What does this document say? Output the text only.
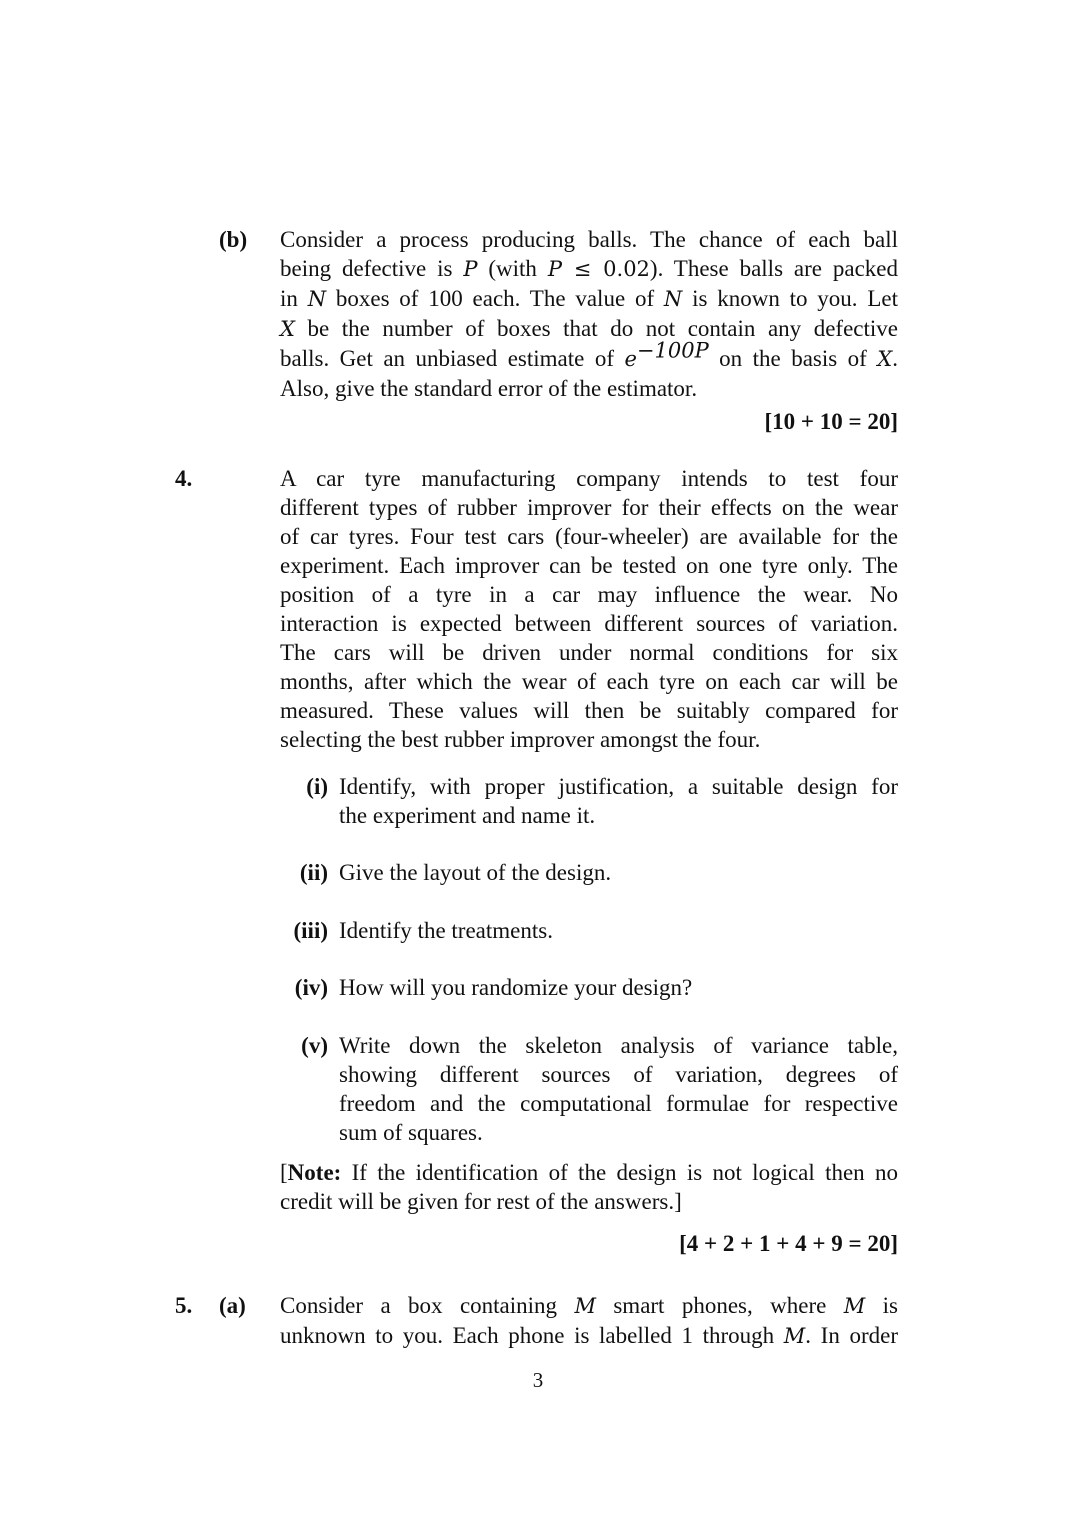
(b) Consider a process producing balls. The chance of each ball
being defective is P (with P ≤ 0.02). These balls are packed
in N boxes of 100 each. The value of N is known to you. Let
X be the number of boxes that do not contain any defective
balls. Get an unbiased estimate of $e^{-100P}$ on the basis of X.
Also, give the standard error of the estimator.
[10 + 10 = 20]
4.	A car tyre manufacturing company intends to test four
different types of rubber improver for their effects on the wear
of car tyres. Four test cars (four-wheeler) are available for the
experiment. Each improver can be tested on one tyre only. The
position of a tyre in a car may influence the wear. No
interaction is expected between different sources of variation.
The cars will be driven under normal conditions for six
months, after which the wear of each tyre on each car will be
measured. These values will then be suitably compared for
selecting the best rubber improver amongst the four.
(i) Identify, with proper justification, a suitable design for
the experiment and name it.
(ii) Give the layout of the design.
(iii) Identify the treatments.
(iv) How will you randomize your design?
(v) Write down the skeleton analysis of variance table,
showing different sources of variation, degrees of
freedom and the computational formulae for respective
sum of squares.
[Note: If the identification of the design is not logical then no
credit will be given for rest of the answers.]
[4 + 2 + 1 + 4 + 9 = 20]
5. (a) Consider a box containing M smart phones, where M is
unknown to you. Each phone is labelled 1 through M. In order
3
